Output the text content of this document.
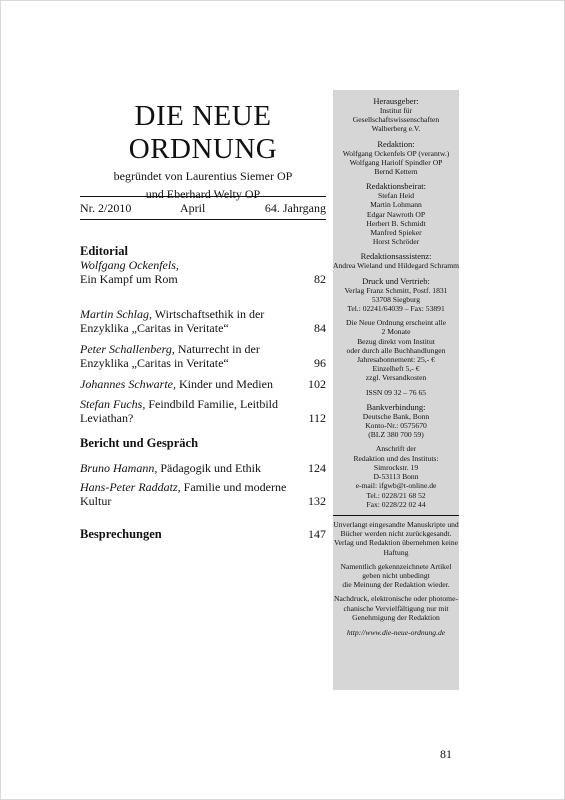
DIE NEUE
ORDNUNG
begründet von Laurentius Siemer OP
und Eberhard Welty OP
Nr. 2/2010	April	64. Jahrgang
Editorial
Wolfgang Ockenfels,
Ein Kampf um Rom	82
Martin Schlag, Wirtschaftsethik in der Enzyklika „Caritas in Veritate“	84
Peter Schallenberg, Naturrecht in der Enzyklika „Caritas in Veritate“	96
Johannes Schwarte, Kinder und Medien	102
Stefan Fuchs, Feindbild Familie, Leitbild Leviathan?	112
Bericht und Gespräch
Bruno Hamann, Pädagogik und Ethik	124
Hans-Peter Raddatz, Familie und moderne Kultur	132
Besprechungen	147
Herausgeber:
Institut für
Gesellschaftswissenschaften
Walberberg e.V.
Redaktion:
Wolfgang Ockenfels OP (verantw.)
Wolfgang Hariolf Spindler OP
Bernd Kettern
Redaktionsbeirat:
Stefan Heid
Martin Lohmann
Edgar Nawroth OP
Herbert B. Schmidt
Manfred Spieker
Horst Schröder
Redaktionsassistenz:
Andrea Wieland und Hildegard Schramm
Druck und Vertrieb:
Verlag Franz Schmitt, Postf. 1831
53708 Siegburg
Tel.: 02241/64039 – Fax: 53891
Die Neue Ordnung erscheint alle
2 Monate
Bezug direkt vom Institut
oder durch alle Buchhandlungen
Jahresabonnement: 25,- €
Einzelheft 5,- €
zzgl. Versandkosten
ISSN 09 32 – 76 65
Bankverbindung:
Deutsche Bank, Bonn
Konto-Nr.: 0575670
(BLZ 380 700 59)
Anschrift der
Redaktion und des Instituts:
Simrockstr. 19
D-53113 Bonn
e-mail: ifgwb@t-online.de
Tel.: 0228/21 68 52
Fax: 0228/22 02 44
Unverlangt eingesandte Manuskripte und
Bücher werden nicht zurückgesandt.
Verlag und Redaktion übernehmen keine
Haftung
Namentlich gekennzeichnete Artikel
geben nicht unbedingt
die Meinung der Redaktion wieder.
Nachdruck, elektronische oder photome-
chanische Vervielfältigung nur mit
Genehmigung der Redaktion
http://www.die-neue-ordnung.de
81
